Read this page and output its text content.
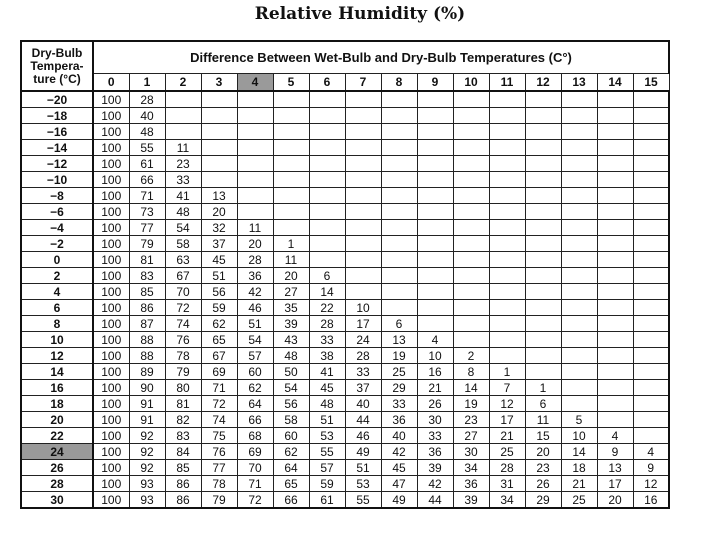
Relative Humidity (%)
Dry-Bulb
Tempera-
ture (°C)	Difference Between Wet-Bulb and Dry-Bulb Temperatures (C°)															
	0	1	2	3	4	5	6	7	8	9	10	11	12	13	14	15
−20	100	28														
−18	100	40														
−16	100	48														
−14	100	55	11													
−12	100	61	23													
−10	100	66	33													
−8	100	71	41	13												
−6	100	73	48	20												
−4	100	77	54	32	11											
−2	100	79	58	37	20	1										
0	100	81	63	45	28	11										
2	100	83	67	51	36	20	6									
4	100	85	70	56	42	27	14									
6	100	86	72	59	46	35	22	10								
8	100	87	74	62	51	39	28	17	6							
10	100	88	76	65	54	43	33	24	13	4						
12	100	88	78	67	57	48	38	28	19	10	2					
14	100	89	79	69	60	50	41	33	25	16	8	1				
16	100	90	80	71	62	54	45	37	29	21	14	7	1			
18	100	91	81	72	64	56	48	40	33	26	19	12	6			
20	100	91	82	74	66	58	51	44	36	30	23	17	11	5		
22	100	92	83	75	68	60	53	46	40	33	27	21	15	10	4	
24	100	92	84	76	69	62	55	49	42	36	30	25	20	14	9	4
26	100	92	85	77	70	64	57	51	45	39	34	28	23	18	13	9
28	100	93	86	78	71	65	59	53	47	42	36	31	26	21	17	12
30	100	93	86	79	72	66	61	55	49	44	39	34	29	25	20	16
